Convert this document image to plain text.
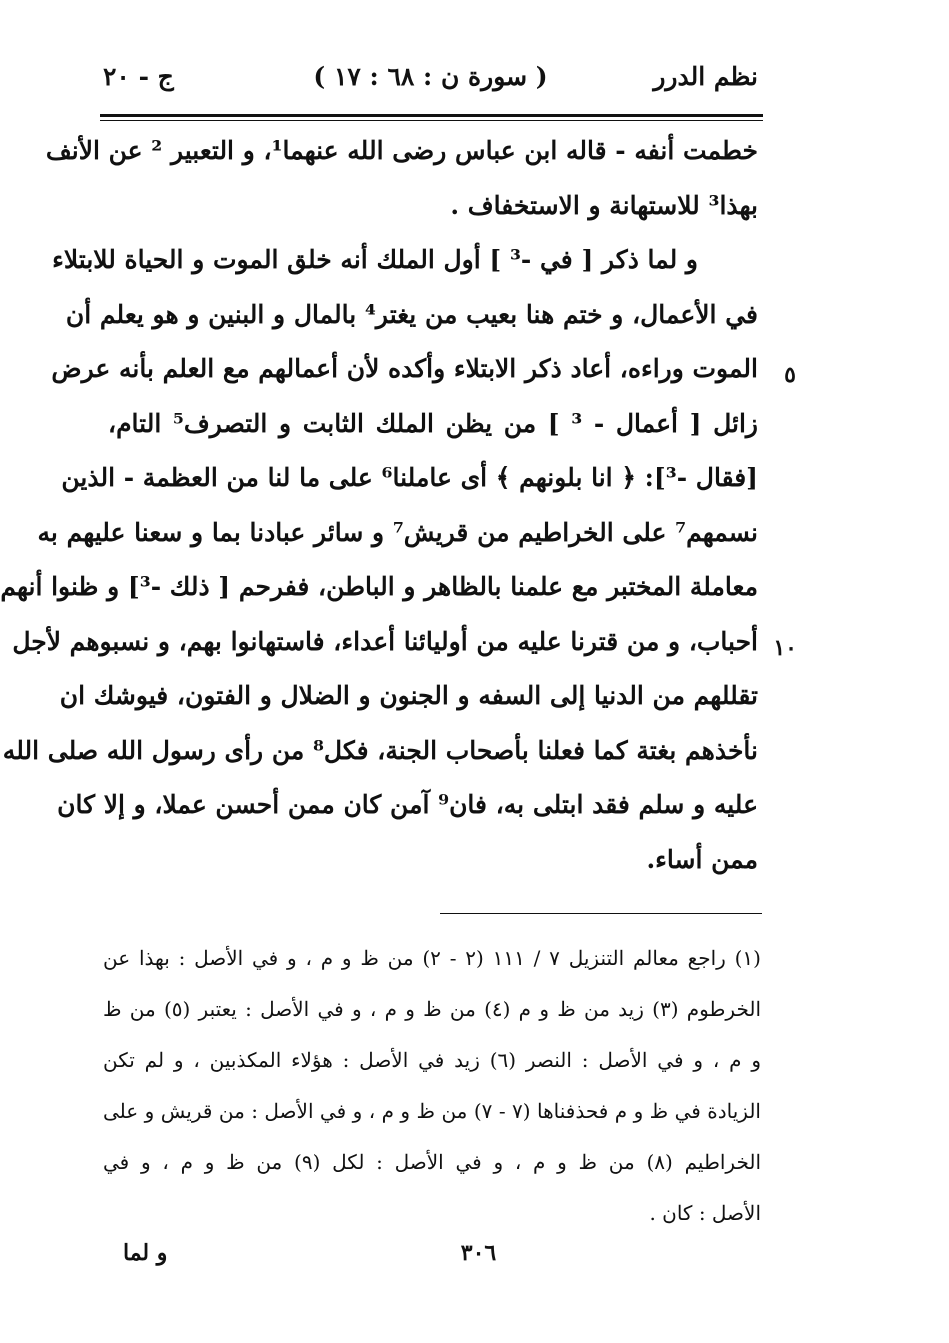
نظم الدرر
( سورة ن : ٦٨ : ١٧ )
ج - ٢٠
خطمت أنفه - قاله ابن عباس رضى الله عنهما¹، و التعبير ² عن الأنف
بهذا³ للاستهانة و الاستخفاف .
و لما ذكر [ في -³ ] أول الملك أنه خلق الموت و الحياة للابتلاء
في الأعمال، و ختم هنا بعيب من يغتر⁴ بالمال و البنين و هو يعلم أن
الموت وراءه، أعاد ذكر الابتلاء وأكده لأن أعمالهم مع العلم بأنه عرض
زائل [ أعمال - ³ ] من يظن الملك الثابت و التصرف⁵ التام،
[فقال -³]: ﴿ انا بلونهم ﴾ أى عاملنا⁶ على ما لنا من العظمة - الذين
نسمهم⁷ على الخراطيم من قريش⁷ و سائر عبادنا بما و سعنا عليهم به
معاملة المختبر مع علمنا بالظاهر و الباطن، ففرحم [ ذلك -³] و ظنوا أنهم
أحباب، و من قترنا عليه من أوليائنا أعداء، فاستهانوا بهم، و نسبوهم لأجل
تقللهم من الدنيا إلى السفه و الجنون و الضلال و الفتون، فيوشك ان
نأخذهم بغتة كما فعلنا بأصحاب الجنة، فكل⁸ من رأى رسول الله صلى الله
عليه و سلم فقد ابتلى به، فان⁹ آمن كان ممن أحسن عملا، و إلا كان
ممن أساء.
٥
١٠
(١) راجع معالم التنزيل ٧ / ١١١ (٢ - ٢) من ظ و م ، و في الأصل : بهذا عن
الخرطوم (٣) زيد من ظ و م (٤) من ظ و م ، و في الأصل : يعتبر (٥) من ظ
و م ، و في الأصل : النصر (٦) زيد في الأصل : هؤلاء المكذبين ، و لم تكن
الزيادة في ظ و م فحذفناها (٧ - ٧) من ظ و م ، و في الأصل : من قريش و على
الخراطيم (٨) من ظ و م ، و في الأصل : لكل (٩) من ظ و م ، و في
الأصل : كان .
٣٠٦
و لما
